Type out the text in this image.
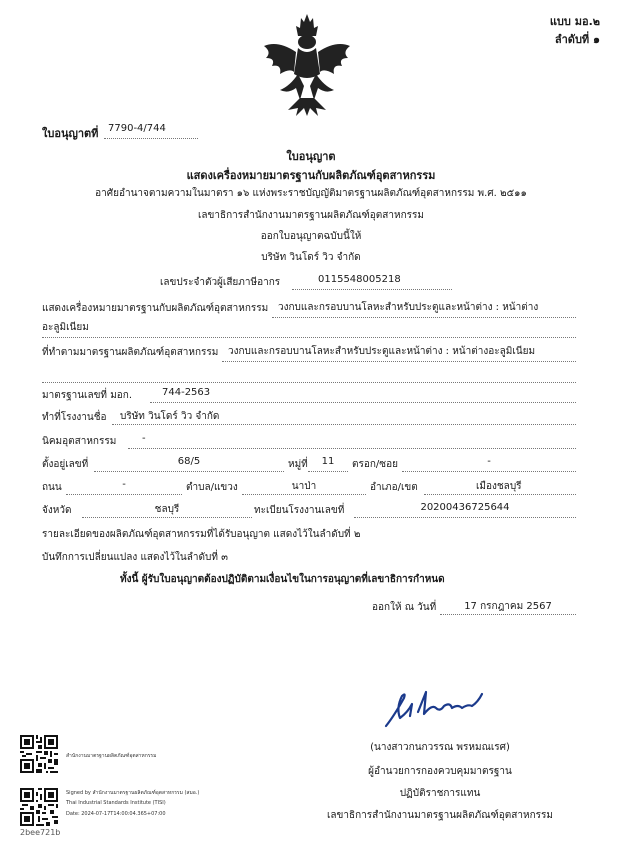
แบบ มอ.๒
ลำดับที่ ๑
ใบอนุญาตที่ 7790-4/744
ใบอนุญาต
แสดงเครื่องหมายมาตรฐานกับผลิตภัณฑ์อุตสาหกรรม
อาศัยอำนาจตามความในมาตรา ๑๖ แห่งพระราชบัญญัติมาตรฐานผลิตภัณฑ์อุตสาหกรรม พ.ศ. ๒๕๑๑
เลขาธิการสำนักงานมาตรฐานผลิตภัณฑ์อุตสาหกรรม
ออกใบอนุญาตฉบับนี้ให้
บริษัท วินโดร์ วิว จำกัด
เลขประจำตัวผู้เสียภาษีอากร	0115548005218
แสดงเครื่องหมายมาตรฐานกับผลิตภัณฑ์อุตสาหกรรม วงกบและกรอบบานโลหะสำหรับประตูและหน้าต่าง : หน้าต่าง
อะลูมิเนียม
ที่ทำตามมาตรฐานผลิตภัณฑ์อุตสาหกรรม วงกบและกรอบบานโลหะสำหรับประตูและหน้าต่าง : หน้าต่างอะลูมิเนียม
มาตรฐานเลขที่ มอก.	744-2563
ทำที่โรงงานชื่อ	บริษัท วินโดร์ วิว จำกัด
นิคมอุตสาหกรรม	-
ตั้งอยู่เลขที่	68/5	หมู่ที่	11	ตรอก/ซอย	-
ถนน	-	ตำบล/แขวง	นาป่า	อำเภอ/เขต	เมืองชลบุรี
จังหวัด	ชลบุรี	ทะเบียนโรงงานเลขที่	20200436725644
รายละเอียดของผลิตภัณฑ์อุตสาหกรรมที่ได้รับอนุญาต แสดงไว้ในลำดับที่ ๒
บันทึกการเปลี่ยนแปลง แสดงไว้ในลำดับที่ ๓
ทั้งนี้ ผู้รับใบอนุญาตต้องปฏิบัติตามเงื่อนไขในการอนุญาตที่เลขาธิการกำหนด
ออกให้ ณ วันที่	17 กรกฎาคม 2567
(นางสาวกนกวรรณ พรหมณเรศ)
ผู้อำนวยการกองควบคุมมาตรฐาน
ปฏิบัติราชการแทน
เลขาธิการสำนักงานมาตรฐานผลิตภัณฑ์อุตสาหกรรม
สำนักงานมาตรฐานผลิตภัณฑ์อุตสาหกรรม
Signed by สำนักงานมาตรฐานผลิตภัณฑ์อุตสาหกรรม (สมอ.)
Thai Industrial Standards Institute (TISI)
Date: 2024-07-17T14:00:04.365+07:00
2bee721b
